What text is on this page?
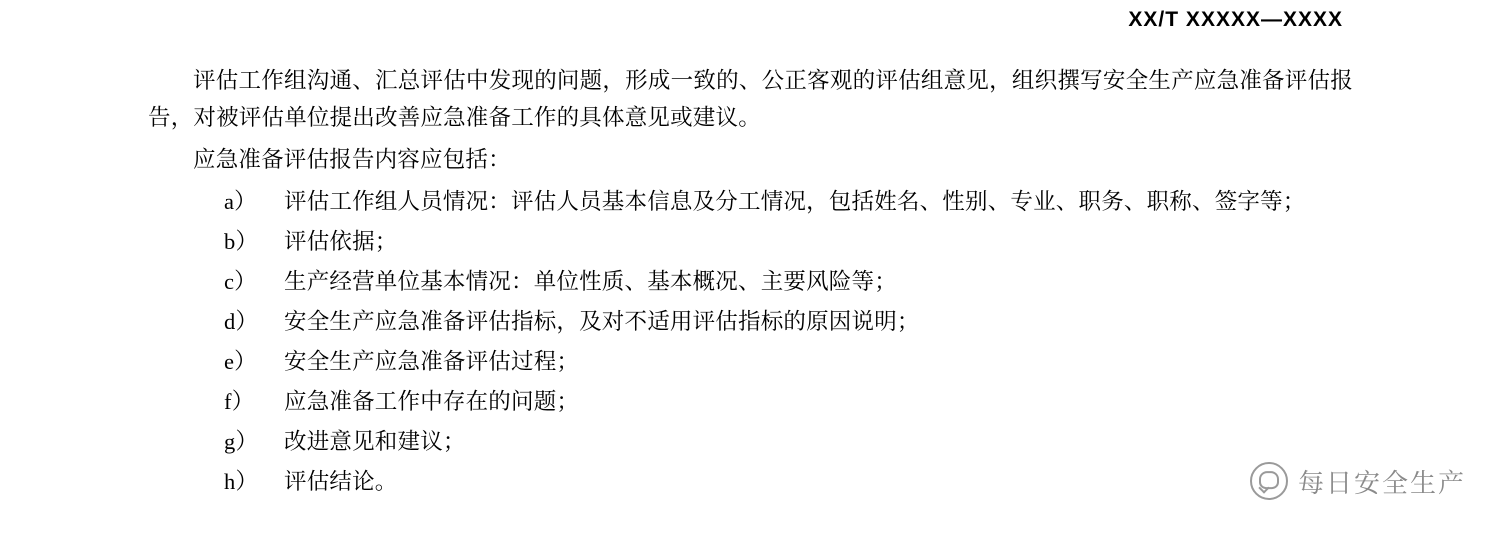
XX/T XXXXX—XXXX

评估工作组沟通、汇总评估中发现的问题，形成一致的、公正客观的评估组意见，组织撰写安全生产应急准备评估报告，对被评估单位提出改善应急准备工作的具体意见或建议。

应急准备评估报告内容应包括：

a）	评估工作组人员情况：评估人员基本信息及分工情况，包括姓名、性别、专业、职务、职称、签字等；
b）	评估依据；
c）	生产经营单位基本情况：单位性质、基本概况、主要风险等；
d）	安全生产应急准备评估指标，及对不适用评估指标的原因说明；
e）	安全生产应急准备评估过程；
f）	应急准备工作中存在的问题；
g）	改进意见和建议；
h）	评估结论。	每日安全生产
